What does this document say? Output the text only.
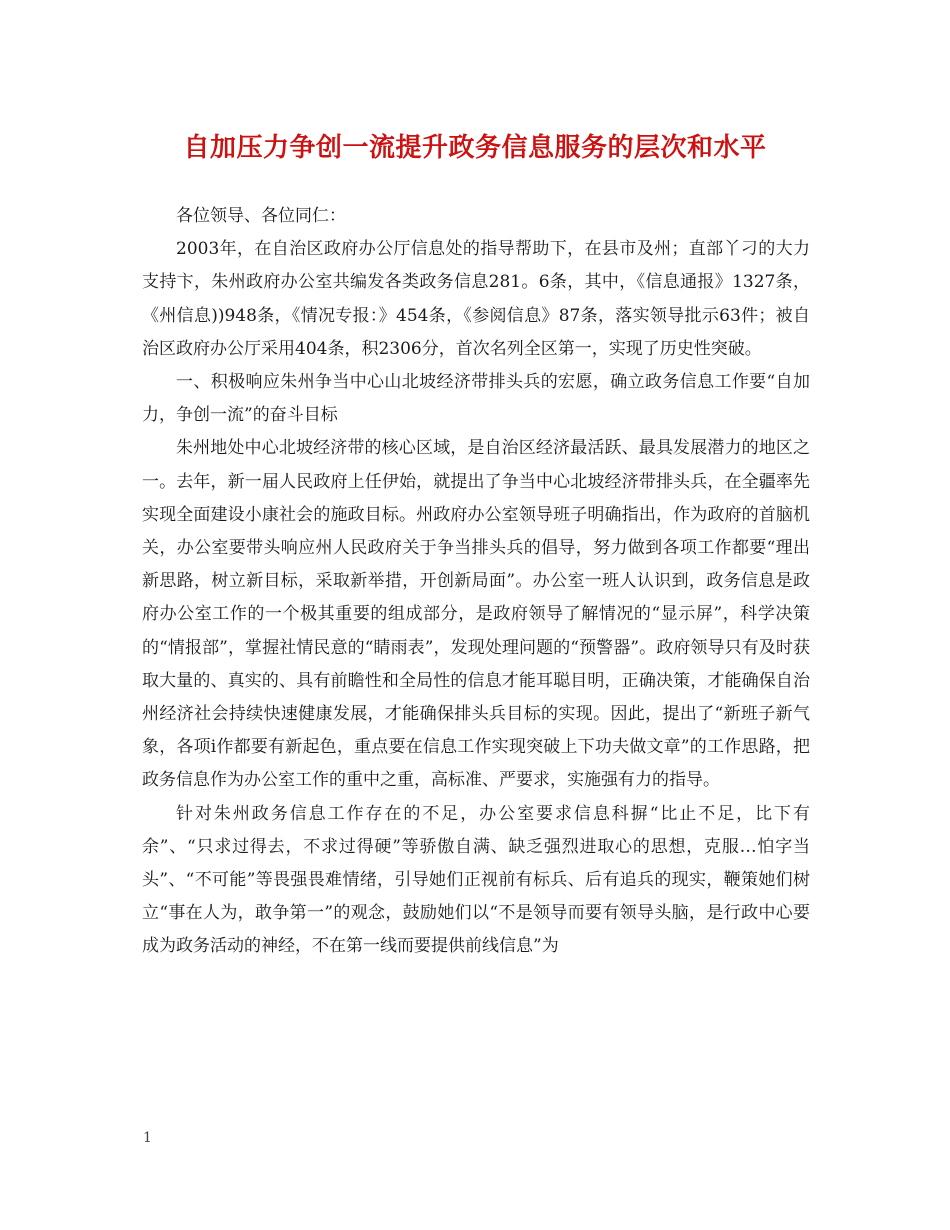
自加压力争创一流提升政务信息服务的层次和水平

各位领导、各位同仁：

2003年，在自治区政府办公厅信息处的指导帮助下，在县市及州；直部丫刁的大力支持卞，朱州政府办公室共编发各类政务信息281。6条，其中，《信息通报》1327条，《州信息))948条，《情况专报：》454条，《参阅信息》87条，落实领导批示63件；被自治区政府办公厅采用404条，积2306分，首次名列全区第一，实现了历史性突破。

一、积极响应朱州争当中心山北坡经济带排头兵的宏愿，确立政务信息工作要“自加力，争创一流”的奋斗目标

朱州地处中心北坡经济带的核心区域，是自治区经济最活跃、最具发展潜力的地区之一。去年，新一届人民政府上任伊始，就提出了争当中心北坡经济带排头兵，在全疆率先实现全面建设小康社会的施政目标。州政府办公室领导班子明确指出，作为政府的首脑机关，办公室要带头响应州人民政府关于争当排头兵的倡导，努力做到各项工作都要“理出新思路，树立新目标，采取新举措，开创新局面”。办公室一班人认识到，政务信息是政府办公室工作的一个极其重要的组成部分，是政府领导了解情况的“显示屏”，科学决策的“情报部”，掌握社情民意的“睛雨表”，发现处理问题的“预警器”。政府领导只有及时获取大量的、真实的、具有前瞻性和全局性的信息才能耳聪目明，正确决策，才能确保自治州经济社会持续快速健康发展，才能确保排头兵目标的实现。因此，提出了“新班子新气象，各项i作都要有新起色，重点要在信息工作实现突破上下功夫做文章”的工作思路，把政务信息作为办公室工作的重中之重，高标准、严要求，实施强有力的指导。

针对朱州政务信息工作存在的不足，办公室要求信息科摒“比止不足，比下有余”、“只求过得去，不求过得硬”等骄傲自满、缺乏强烈进取心的思想，克服…怕字当头”、“不可能”等畏强畏难情绪，引导她们正视前有标兵、后有追兵的现实，鞭策她们树立“事在人为，敢争第一”的观念，鼓励她们以“不是领导而要有领导头脑，是行政中心要成为政务活动的神经，不在第一线而要提供前线信息”为

1
